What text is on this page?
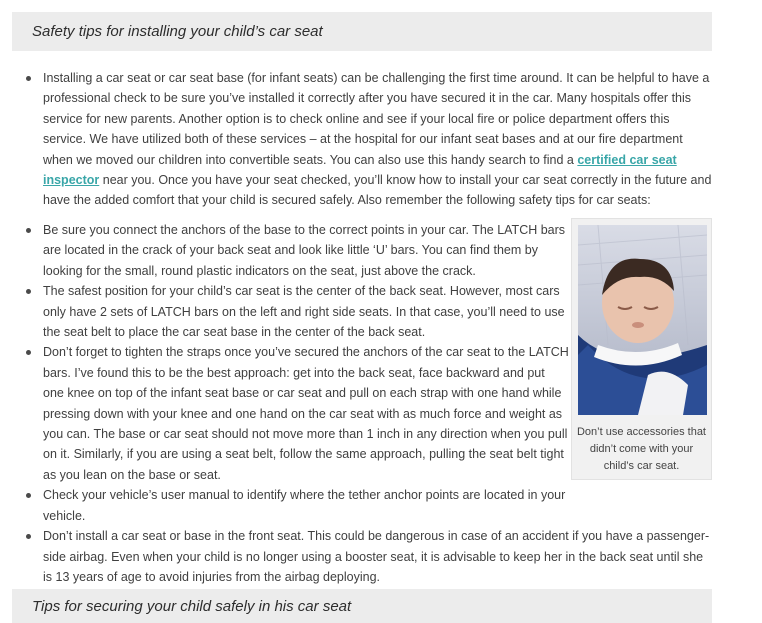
Safety tips for installing your child’s car seat
Installing a car seat or car seat base (for infant seats) can be challenging the first time around. It can be helpful to have a professional check to be sure you’ve installed it correctly after you have secured it in the car. Many hospitals offer this service for new parents. Another option is to check online and see if your local fire or police department offers this service. We have utilized both of these services – at the hospital for our infant seat bases and at our fire department when we moved our children into convertible seats. You can also use this handy search to find a certified car seat inspector near you. Once you have your seat checked, you’ll know how to install your car seat correctly in the future and have the added comfort that your child is secured safely. Also remember the following safety tips for car seats:
Be sure you connect the anchors of the base to the correct points in your car. The LATCH bars are located in the crack of your back seat and look like little ‘U’ bars. You can find them by looking for the small, round plastic indicators on the seat, just above the crack.
The safest position for your child’s car seat is the center of the back seat. However, most cars only have 2 sets of LATCH bars on the left and right side seats. In that case, you’ll need to use the seat belt to place the car seat base in the center of the back seat.
Don’t forget to tighten the straps once you’ve secured the anchors of the car seat to the LATCH bars. I’ve found this to be the best approach: get into the back seat, face backward and put one knee on top of the infant seat base or car seat and pull on each strap with one hand while pressing down with your knee and one hand on the car seat with as much force and weight as you can. The base or car seat should not move more than 1 inch in any direction when you pull on it. Similarly, if you are using a seat belt, follow the same approach, pulling the seat belt tight as you lean on the base or seat.
Check your vehicle’s user manual to identify where the tether anchor points are located in your vehicle.
Don’t install a car seat or base in the front seat. This could be dangerous in case of an accident if you have a passenger-side airbag. Even when your child is no longer using a booster seat, it is advisable to keep her in the back seat until she is 13 years of age to avoid injuries from the airbag deploying.
Don’t use accessories that didn’t come with your child’s car seat.
Tips for securing your child safely in his car seat
